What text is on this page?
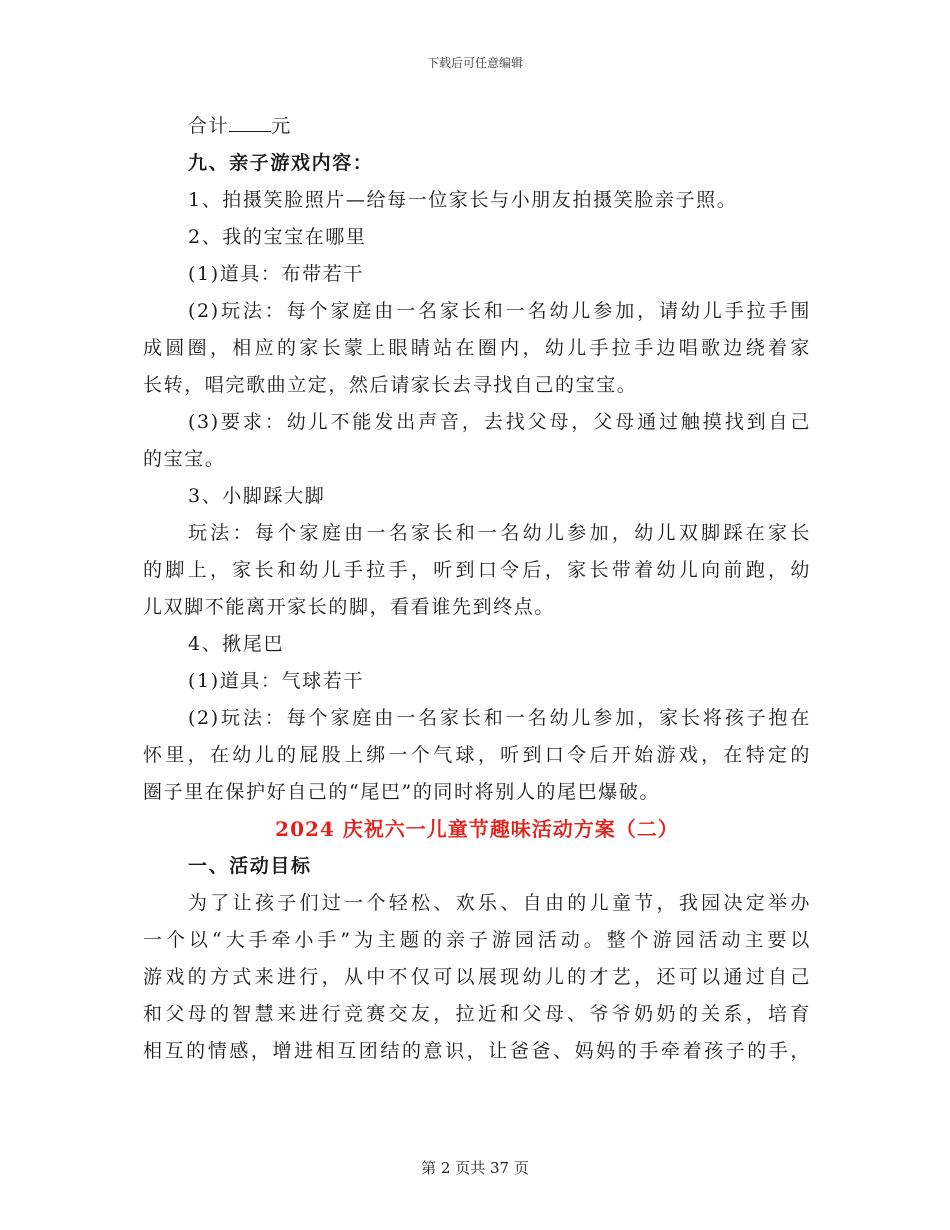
下载后可任意编辑
合计 元
九、亲子游戏内容：
1、拍摄笑脸照片—给每一位家长与小朋友拍摄笑脸亲子照。
2、我的宝宝在哪里
(1)道具：布带若干
(2)玩法：每个家庭由一名家长和一名幼儿参加，请幼儿手拉手围
成圆圈，相应的家长蒙上眼睛站在圈内，幼儿手拉手边唱歌边绕着家
长转，唱完歌曲立定，然后请家长去寻找自己的宝宝。
(3)要求：幼儿不能发出声音，去找父母，父母通过触摸找到自己
的宝宝。
3、小脚踩大脚
玩法：每个家庭由一名家长和一名幼儿参加，幼儿双脚踩在家长
的脚上，家长和幼儿手拉手，听到口令后，家长带着幼儿向前跑，幼
儿双脚不能离开家长的脚，看看谁先到终点。
4、揪尾巴
(1)道具：气球若干
(2)玩法：每个家庭由一名家长和一名幼儿参加，家长将孩子抱在
怀里，在幼儿的屁股上绑一个气球，听到口令后开始游戏，在特定的
圈子里在保护好自己的“尾巴”的同时将别人的尾巴爆破。
2024 庆祝六一儿童节趣味活动方案（二）
一、活动目标
为了让孩子们过一个轻松、欢乐、自由的儿童节，我园决定举办
一个以“大手牵小手”为主题的亲子游园活动。整个游园活动主要以
游戏的方式来进行，从中不仅可以展现幼儿的才艺，还可以通过自己
和父母的智慧来进行竞赛交友，拉近和父母、爷爷奶奶的关系，培育
相互的情感，增进相互团结的意识，让爸爸、妈妈的手牵着孩子的手，
第 2 页共 37 页
